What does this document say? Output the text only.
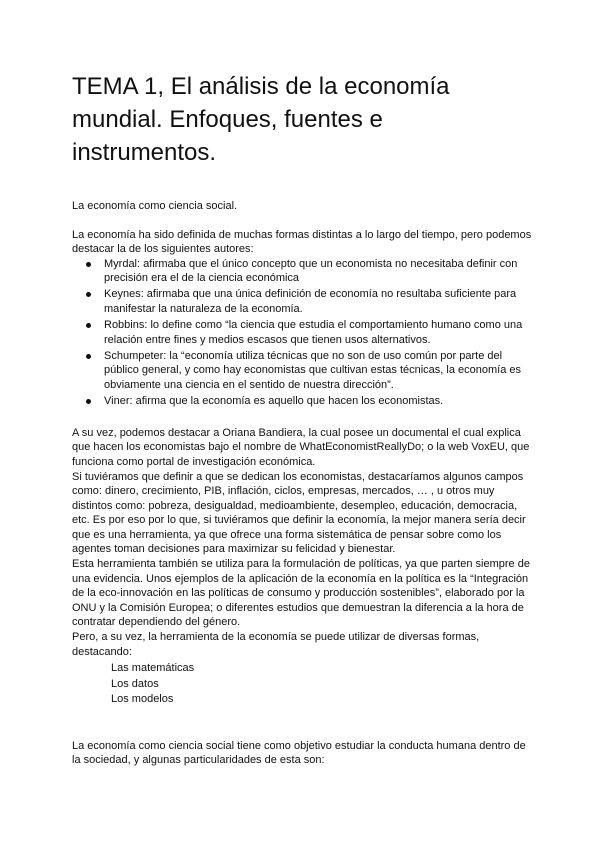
TEMA 1, El análisis de la economía mundial. Enfoques, fuentes e instrumentos.

La economía como ciencia social.

La economía ha sido definida de muchas formas distintas a lo largo del tiempo, pero podemos destacar la de los siguientes autores:

Myrdal: afirmaba que el único concepto que un economista no necesitaba definir con precisión era el de la ciencia económica
Keynes: afirmaba que una única definición de economía no resultaba suficiente para manifestar la naturaleza de la economía.
Robbins: lo define como “la ciencia que estudia el comportamiento humano como una relación entre fines y medios escasos que tienen usos alternativos.
Schumpeter: la “economía utiliza técnicas que no son de uso común por parte del público general, y como hay economistas que cultivan estas técnicas, la economía es obviamente una ciencia en el sentido de nuestra dirección”.
Viner: afirma que la economía es aquello que hacen los economistas.

A su vez, podemos destacar a Oriana Bandiera, la cual posee un documental el cual explica que hacen los economistas bajo el nombre de WhatEconomistReallyDo; o la web VoxEU, que funciona como portal de investigación económica.

Si tuviéramos que definir a que se dedican los economistas, destacaríamos algunos campos como: dinero, crecimiento, PIB, inflación, ciclos, empresas, mercados, … , u otros muy distintos como: pobreza, desigualdad, medioambiente, desempleo, educación, democracia, etc. Es por eso por lo que, si tuviéramos que definir la economía, la mejor manera sería decir que es una herramienta, ya que ofrece una forma sistemática de pensar sobre como los agentes toman decisiones para maximizar su felicidad y bienestar.

Esta herramienta también se utiliza para la formulación de políticas, ya que parten siempre de una evidencia. Unos ejemplos de la aplicación de la economía en la política es la “Integración de la eco-innovación en las políticas de consumo y producción sostenibles”, elaborado por la ONU y la Comisión Europea; o diferentes estudios que demuestran la diferencia a la hora de contratar dependiendo del género.

Pero, a su vez, la herramienta de la economía se puede utilizar de diversas formas, destacando:

Las matemáticas
Los datos
Los modelos

La economía como ciencia social tiene como objetivo estudiar la conducta humana dentro de la sociedad, y algunas particularidades de esta son:
